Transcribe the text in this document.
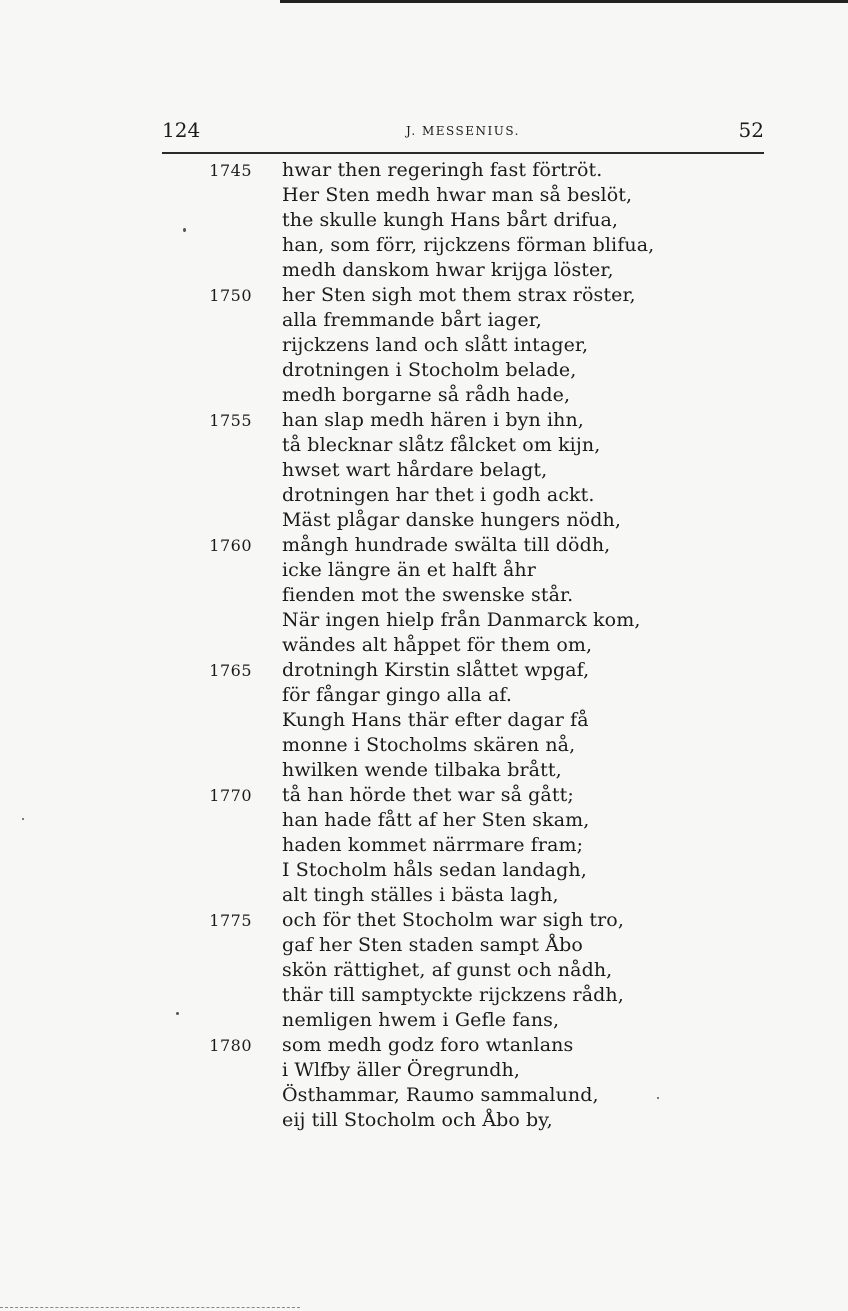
124	J. MESSENIUS.	52
1745 hwar then regeringh fast förtröt.
Her Sten medh hwar man så beslöt,
the skulle kungh Hans bårt drifua,
han, som förr, rijckzens förman blifua,
medh danskom hwar krijga löster,
1750 her Sten sigh mot them strax röster,
alla fremmande bårt iager,
rijckzens land och slått intager,
drotningen i Stocholm belade,
medh borgarne så rådh hade,
1755 han slap medh hären i byn ihn,
tå blecknar slåtz fålcket om kijn,
hwset wart hårdare belagt,
drotningen har thet i godh ackt.
Mäst plågar danske hungers nödh,
1760 mångh hundrade swälta till dödh,
icke längre än et halft åhr
fienden mot the swenske står.
När ingen hielp från Danmarck kom,
wändes alt håppet för them om,
1765 drotningh Kirstin slåttet wpgaf,
för fångar gingo alla af.
Kungh Hans thär efter dagar få
monne i Stocholms skären nå,
hwilken wende tilbaka brått,
1770 tå han hörde thet war så gått;
han hade fått af her Sten skam,
haden kommet närrmare fram;
I Stocholm håls sedan landagh,
alt tingh ställes i bästa lagh,
1775 och för thet Stocholm war sigh tro,
gaf her Sten staden sampt Åbo
skön rättighet, af gunst och nådh,
thär till samptyckte rijckzens rådh,
nemligen hwem i Gefle fans,
1780 som medh godz foro wtanlans
i Wlfby äller Öregrundh,
Östhammar, Raumo sammalund,
eij till Stocholm och Åbo by,
